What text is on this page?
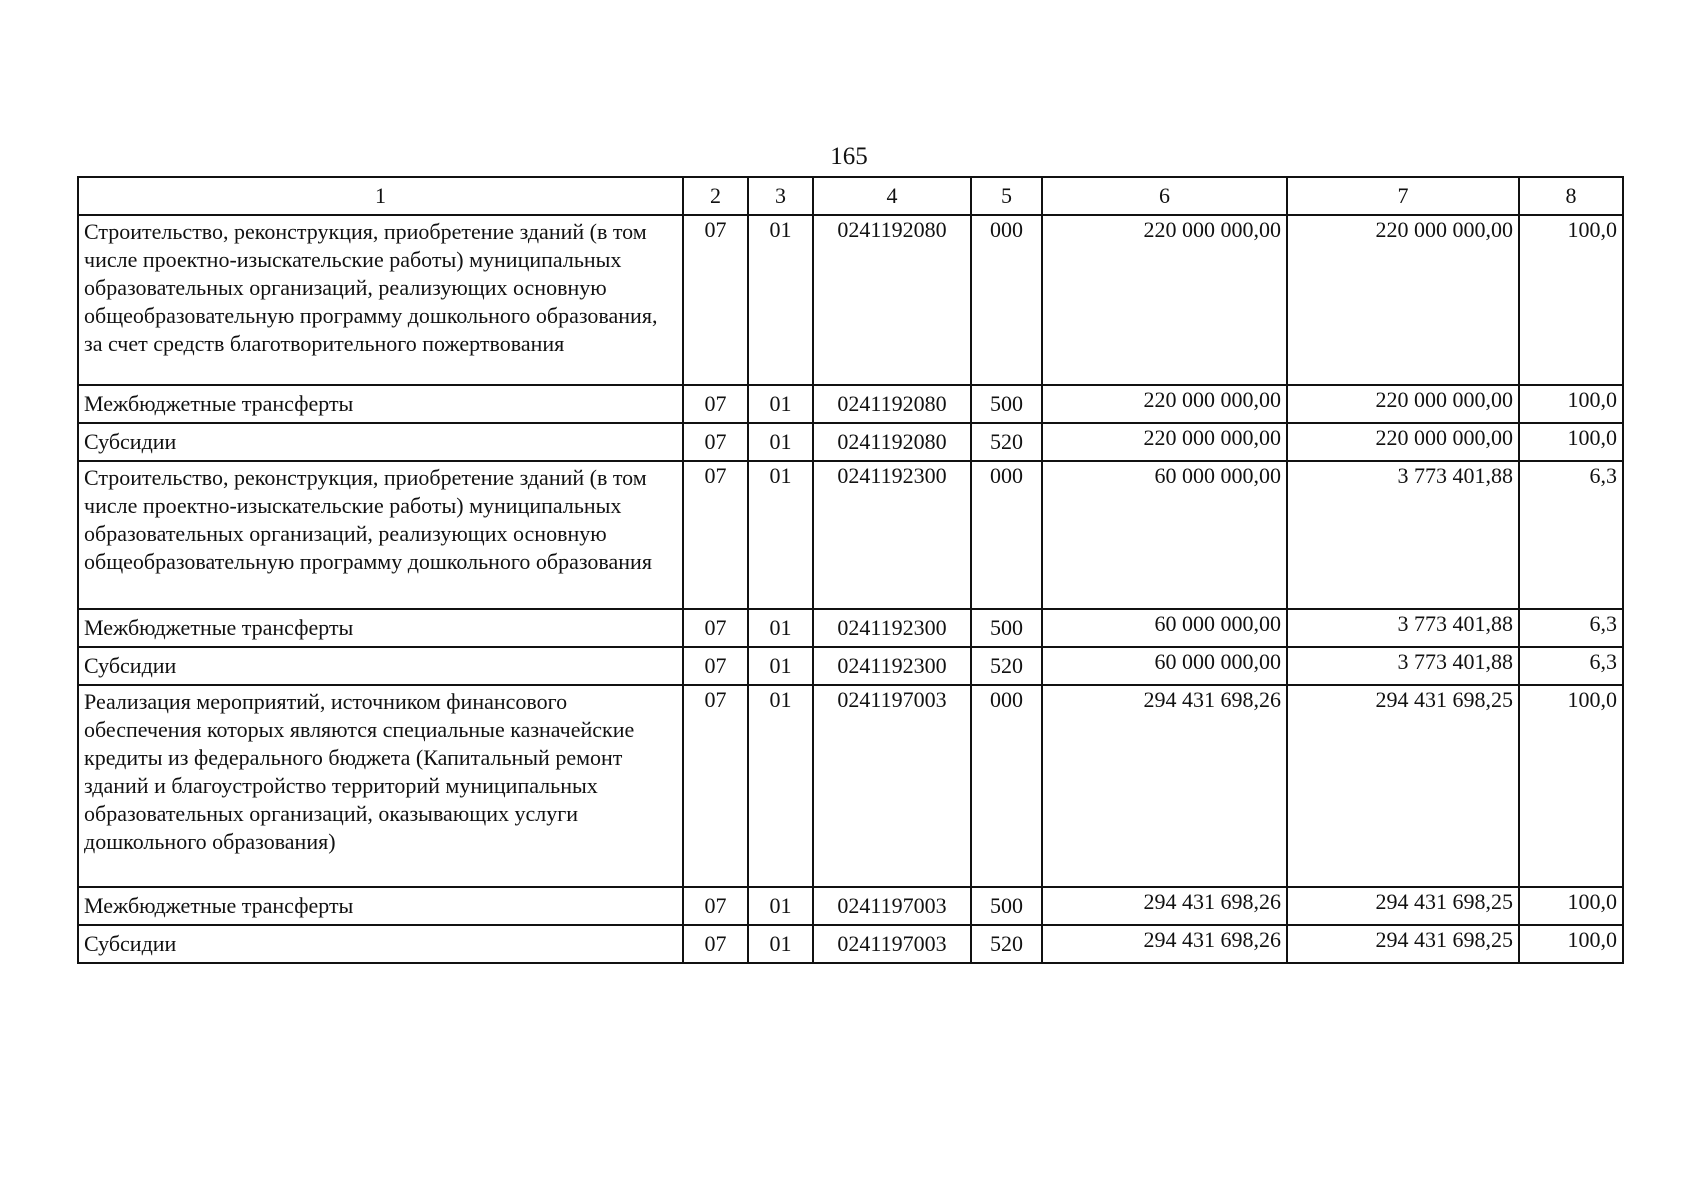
165
1	2	3	4	5	6	7	8
Строительство, реконструкция, приобретение зданий (в том числе проектно-изыскательские работы) муниципальных образовательных организаций, реализующих основную общеобразовательную программу дошкольного образования, за счет средств благотворительного пожертвования	07	01	0241192080	000	220 000 000,00	220 000 000,00	100,0
Межбюджетные трансферты	07	01	0241192080	500	220 000 000,00	220 000 000,00	100,0
Субсидии	07	01	0241192080	520	220 000 000,00	220 000 000,00	100,0
Строительство, реконструкция, приобретение зданий (в том числе проектно-изыскательские работы) муниципальных образовательных организаций, реализующих основную общеобразовательную программу дошкольного образования	07	01	0241192300	000	60 000 000,00	3 773 401,88	6,3
Межбюджетные трансферты	07	01	0241192300	500	60 000 000,00	3 773 401,88	6,3
Субсидии	07	01	0241192300	520	60 000 000,00	3 773 401,88	6,3
Реализация мероприятий, источником финансового обеспечения которых являются специальные казначейские кредиты из федерального бюджета (Капитальный ремонт зданий и благоустройство территорий муниципальных образовательных организаций, оказывающих услуги дошкольного образования)	07	01	0241197003	000	294 431 698,26	294 431 698,25	100,0
Межбюджетные трансферты	07	01	0241197003	500	294 431 698,26	294 431 698,25	100,0
Субсидии	07	01	0241197003	520	294 431 698,26	294 431 698,25	100,0
